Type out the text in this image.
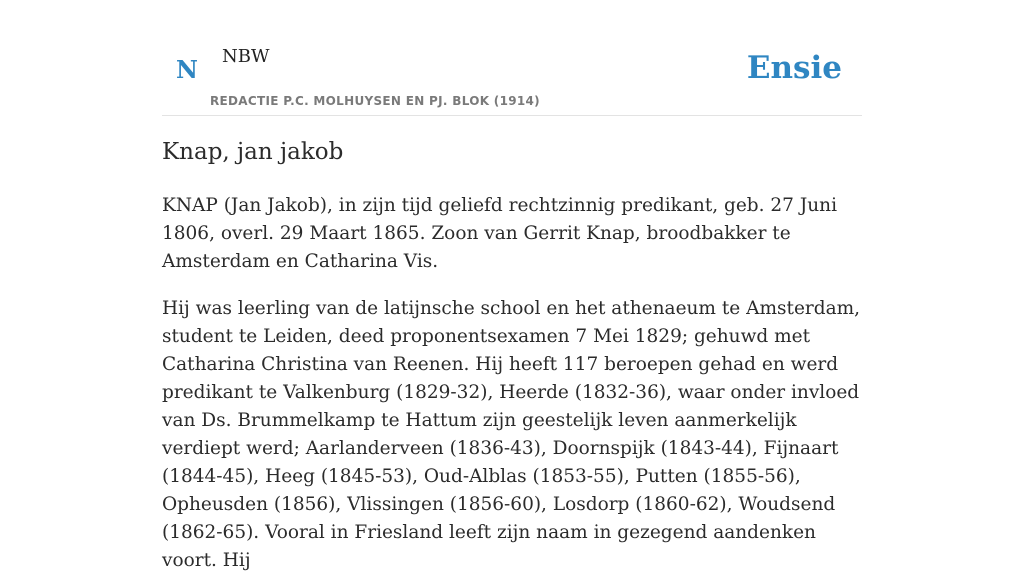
N NBW
REDACTIE P.C. MOLHUYSEN EN PJ. BLOK (1914)
Ensie
Knap, jan jakob

KNAP (Jan Jakob), in zijn tijd geliefd rechtzinnig predikant, geb. 27 Juni 1806, overl. 29 Maart 1865. Zoon van Gerrit Knap, broodbakker te Amsterdam en Catharina Vis.

Hij was leerling van de latijnsche school en het athenaeum te Amsterdam, student te Leiden, deed proponentsexamen 7 Mei 1829; gehuwd met Catharina Christina van Reenen. Hij heeft 117 beroepen gehad en werd predikant te Valkenburg (1829-32), Heerde (1832-36), waar onder invloed van Ds. Brummelkamp te Hattum zijn geestelijk leven aanmerkelijk verdiept werd; Aarlanderveen (1836-43), Doornspijk (1843-44), Fijnaart (1844-45), Heeg (1845-53), Oud-Alblas (1853-55), Putten (1855-56), Opheusden (1856), Vlissingen (1856-60), Losdorp (1860-62), Woudsend (1862-65). Vooral in Friesland leeft zijn naam in gezegend aandenken voort. Hij
